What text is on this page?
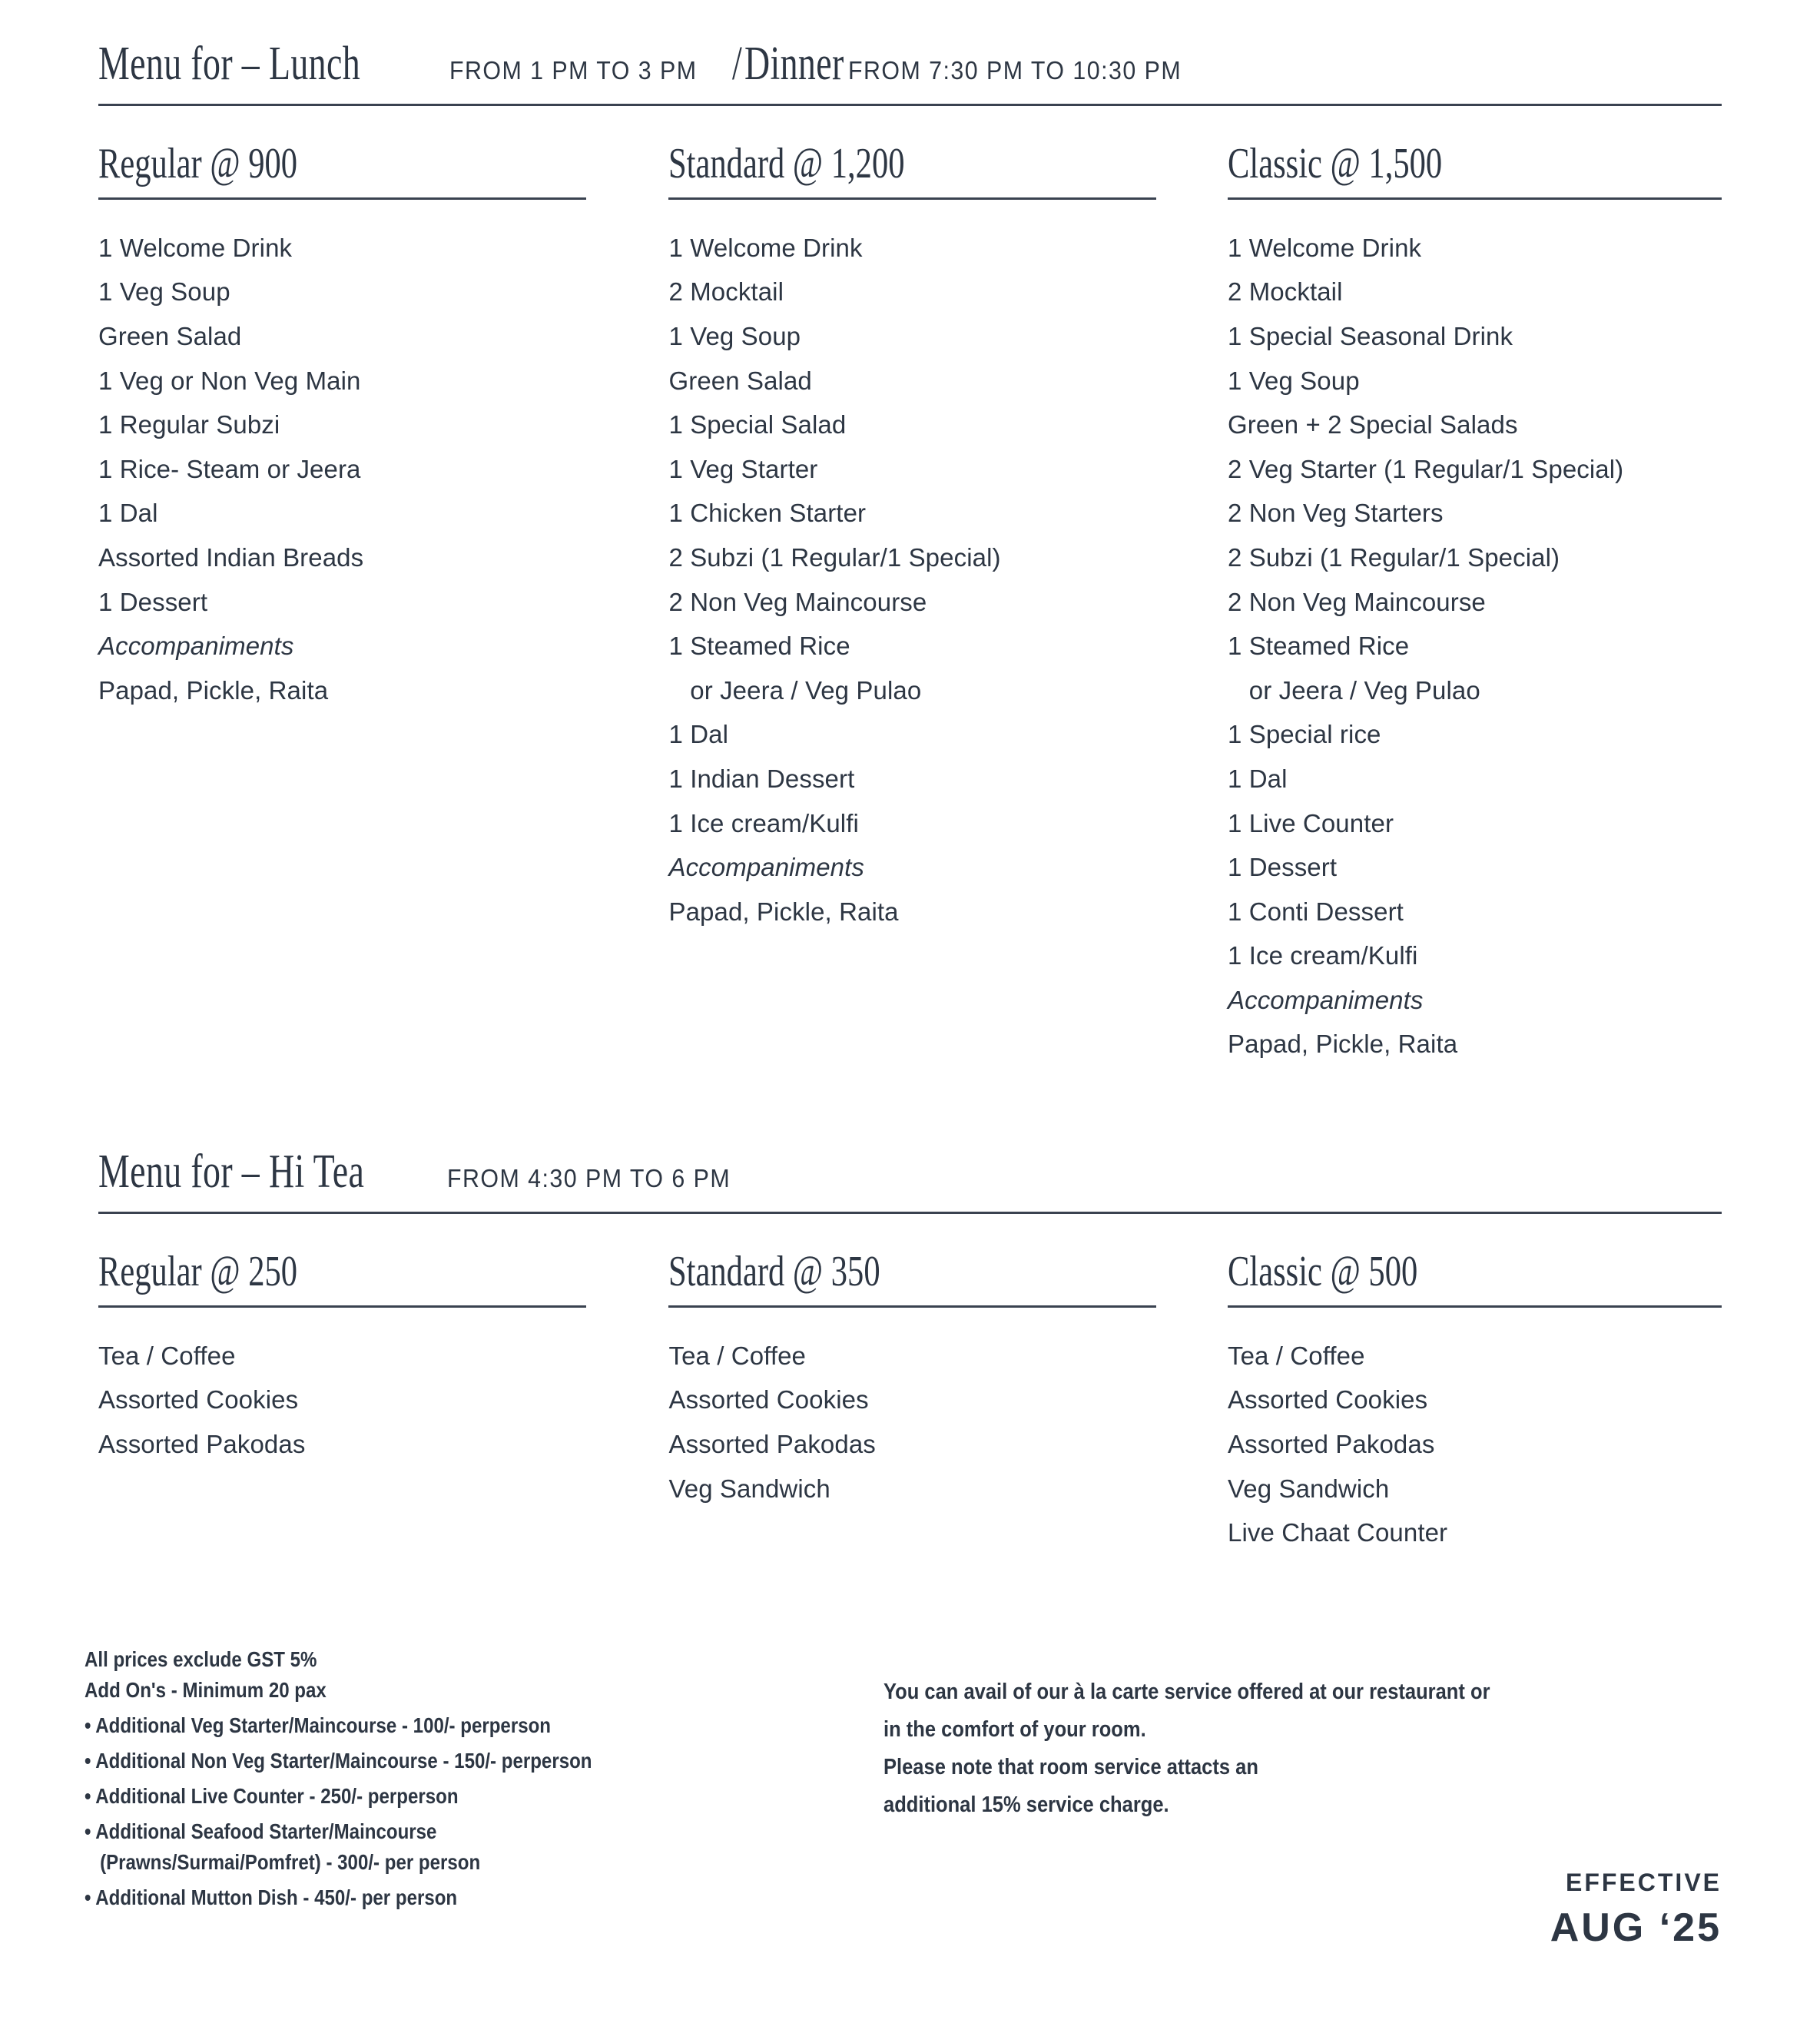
Menu for – Lunch	FROM 1 PM TO 3 PM / Dinner FROM 7:30 PM TO 10:30 PM
Regular @ 900
1 Welcome Drink
1 Veg Soup
Green Salad
1 Veg or Non Veg Main
1 Regular Subzi
1 Rice- Steam or Jeera
1 Dal
Assorted Indian Breads
1 Dessert
Accompaniments
Papad, Pickle, Raita
Standard @ 1,200
1 Welcome Drink
2 Mocktail
1 Veg Soup
Green Salad
1 Special Salad
1 Veg Starter
1 Chicken Starter
2 Subzi (1 Regular/1 Special)
2 Non Veg Maincourse
1 Steamed Rice
or Jeera / Veg Pulao
1 Dal
1 Indian Dessert
1 Ice cream/Kulfi
Accompaniments
Papad, Pickle, Raita
Classic @ 1,500
1 Welcome Drink
2 Mocktail
1 Special Seasonal Drink
1 Veg Soup
Green + 2 Special Salads
2 Veg Starter (1 Regular/1 Special)
2 Non Veg Starters
2 Subzi (1 Regular/1 Special)
2 Non Veg Maincourse
1 Steamed Rice
or Jeera / Veg Pulao
1 Special rice
1 Dal
1 Live Counter
1 Dessert
1 Conti Dessert
1 Ice cream/Kulfi
Accompaniments
Papad, Pickle, Raita
Menu for – Hi Tea	FROM 4:30 PM TO 6 PM
Regular @ 250
Tea / Coffee
Assorted Cookies
Assorted Pakodas
Standard @ 350
Tea / Coffee
Assorted Cookies
Assorted Pakodas
Veg Sandwich
Classic @ 500
Tea / Coffee
Assorted Cookies
Assorted Pakodas
Veg Sandwich
Live Chaat Counter
All prices exclude GST 5%
Add On's - Minimum 20 pax
• Additional Veg Starter/Maincourse - 100/- perperson
• Additional Non Veg Starter/Maincourse - 150/- perperson
• Additional Live Counter - 250/- perperson
• Additional Seafood Starter/Maincourse
(Prawns/Surmai/Pomfret) - 300/- per person
• Additional Mutton Dish - 450/- per person
You can avail of our à la carte service offered at our restaurant or
in the comfort of your room.
Please note that room service attacts an
additional 15% service charge.
EFFECTIVE
AUG ‘25
